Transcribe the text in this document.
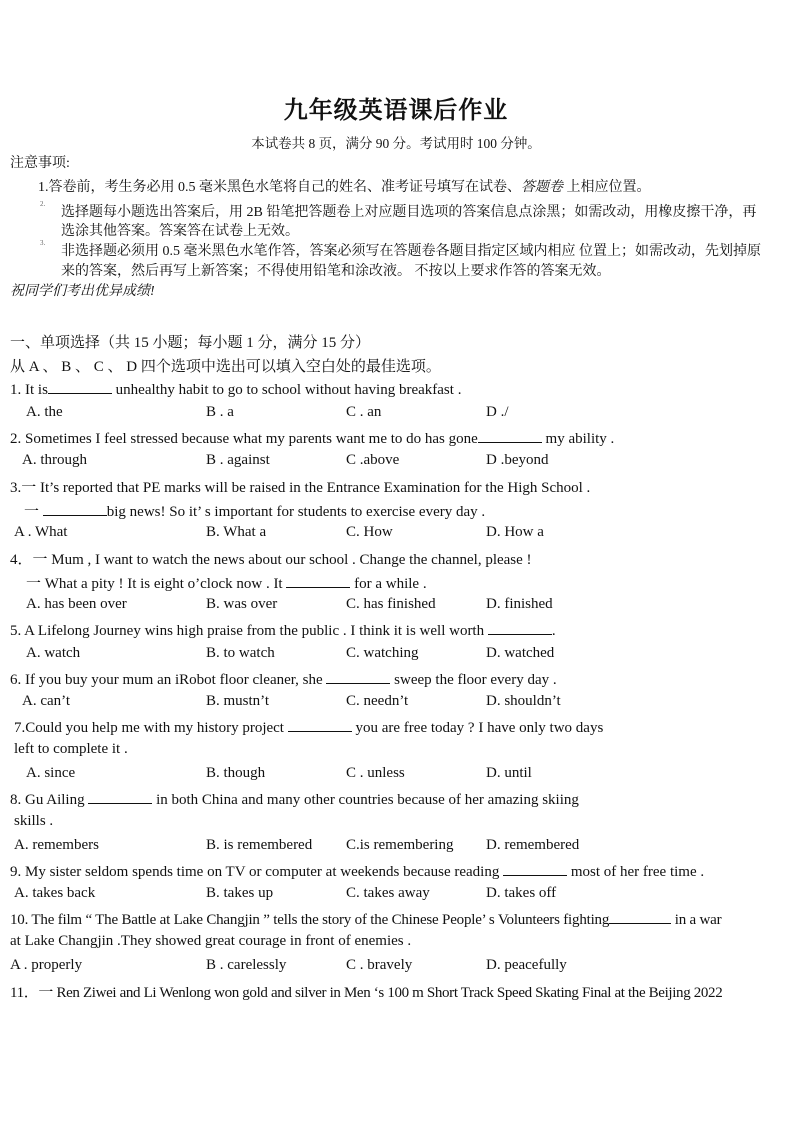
九年级英语课后作业
本试卷共 8 页，满分 90 分。考试用时 100 分钟。
注意事项:
1.答卷前，考生务必用 0.5 毫米黑色水笔将自己的姓名、准考证号填写在试卷、答题卷 上相应位置。
2.
选择题每小题选出答案后，用 2B 铅笔把答题卷上对应题目选项的答案信息点涂黑；如需改动，用橡皮擦干净，再
选涂其他答案。答案答在试卷上无效。
3.
非选择题必须用 0.5 毫米黑色水笔作答，答案必须写在答题卷各题目指定区域内相应 位置上；如需改动，先划掉原
来的答案，然后再写上新答案；不得使用铅笔和涂改液。 不按以上要求作答的答案无效。
祝同学们考出优异成绩!
一、单项选择（共 15 小题；每小题 1 分，满分 15 分）
从 A 、 B 、 C 、 D 四个选项中选出可以填入空白处的最佳选项。
1. It is	unhealthy habit to go to school without having breakfast .
A. the	B . a	C . an	D ./
2. Sometimes I feel stressed because what my parents want me to do has gone	my ability .
A. through	B . against	C .above	D .beyond
3.一 It’s reported that PE marks will be raised in the Entrance Examination for the High School .
一	big news! So it’ s important for students to exercise every day .
A . What	B. What a	C. How	D. How a
4．一 Mum , I want to watch the news about our school . Change the channel, please !
一 What a pity ! It is eight o’clock now . It	for a while .
A. has been over	B. was over	C. has finished	D. finished
5. A Lifelong Journey wins high praise from the public . I think it is well worth	.
A. watch	B. to watch	C. watching	D. watched
6. If you buy your mum an iRobot floor cleaner, she	sweep the floor every day .
A. can’t	B. mustn’t	C. needn’t	D. shouldn’t
7.Could you help me with my history project	you are free today ? I have only two days
left to complete it .
A. since	B. though	C . unless	D. until
8. Gu Ailing	in both China and many other countries because of her amazing skiing
skills .
A. remembers	B. is remembered C.is remembering D. remembered
9. My sister seldom spends time on TV or computer at weekends because reading	most of her free time .
A. takes back	B. takes up	C. takes away	D. takes off
10. The film “ The Battle at Lake Changjin ” tells the story of the Chinese People’ s Volunteers fighting	in a war
at Lake Changjin .They showed great courage in front of enemies .
A . properly	B . carelessly	C . bravely	D. peacefully
11．一 Ren Ziwei and Li Wenlong won gold and silver in Men ‘s 100 m Short Track Speed Skating Final at the Beijing 2022
